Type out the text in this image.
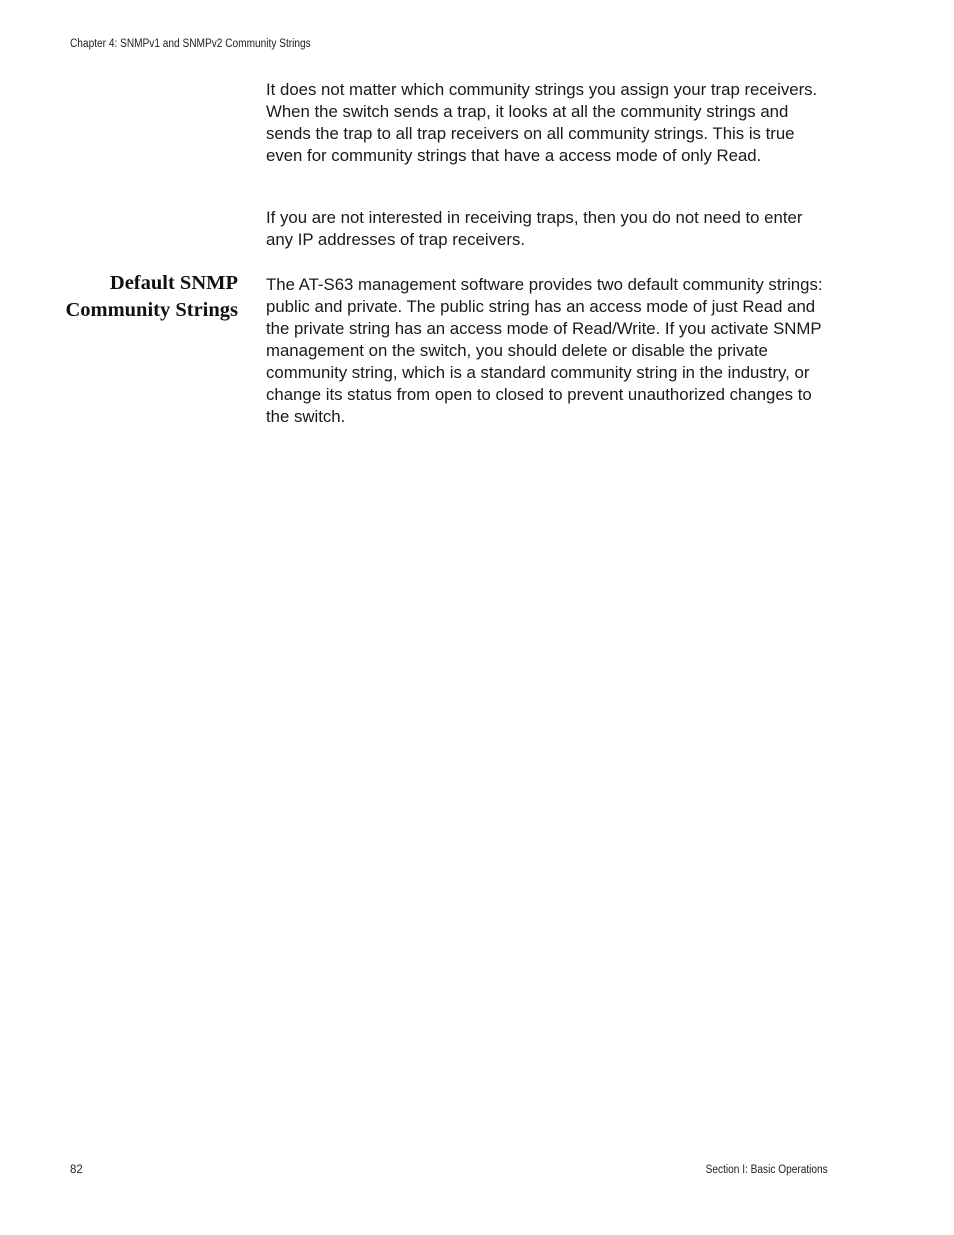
Chapter 4: SNMPv1 and SNMPv2 Community Strings

It does not matter which community strings you assign your trap receivers. When the switch sends a trap, it looks at all the community strings and sends the trap to all trap receivers on all community strings. This is true even for community strings that have a access mode of only Read.

If you are not interested in receiving traps, then you do not need to enter any IP addresses of trap receivers.

Default SNMP Community Strings

The AT-S63 management software provides two default community strings: public and private. The public string has an access mode of just Read and the private string has an access mode of Read/Write. If you activate SNMP management on the switch, you should delete or disable the private community string, which is a standard community string in the industry, or change its status from open to closed to prevent unauthorized changes to the switch.

82	Section I: Basic Operations
